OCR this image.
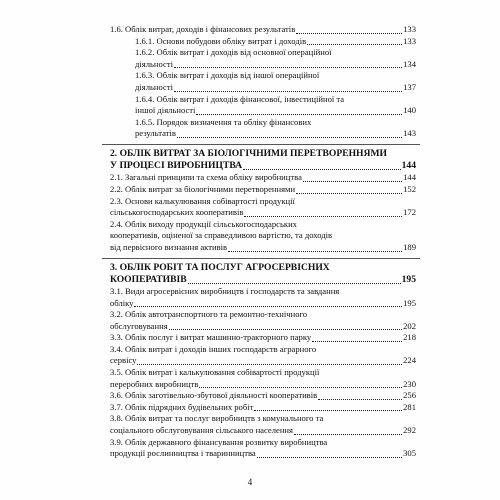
1.6. Облік витрат, доходів і фінансових результатів	133
1.6.1. Основи побудови обліку витрат і доходів	133
1.6.2. Облік витрат і доходів від основної операційної
діяльності	134
1.6.3. Облік витрат і доходів від іншої операційної
діяльності	137
1.6.4. Облік витрат і доходів фінансової, інвестиційної та
іншої діяльності	140
1.6.5. Порядок визначення та обліку фінансових
результатів	143
2. ОБЛІК ВИТРАТ ЗА БІОЛОГІЧНИМИ ПЕРЕТВОРЕННЯМИ
У ПРОЦЕСІ ВИРОБНИЦТВА	144
2.1. Загальні принципи та схема обліку виробництва	144
2.2. Облік витрат за біологічними перетвореннями	152
2.3. Основи калькулювання собівартості продукції
сільськогосподарських кооперативів	172
2.4. Облік виходу продукції сільськогосподарських
кооперативів, оціненої за справедливою вартістю, та доходів
від первісного визнання активів	189
3. ОБЛІК РОБІТ ТА ПОСЛУГ АГРОСЕРВІСНИХ
КООПЕРАТИВІВ	195
3.1. Види агросервісних виробництв і господарств та завдання
обліку	195
3.2. Облік автотранспортного та ремонтно-технічного
обслуговування	202
3.3. Облік послуг і витрат машинно-тракторного парку	218
3.4. Облік витрат і доходів інших господарств аграрного
сервісу	224
3.5. Облік витрат і калькулювання собівартості продукції
переробних виробництв	230
3.6. Облік заготівельно-збутової діяльності кооперативів	256
3.7. Облік підрядних будівельних робіт	281
3.8. Облік витрат та послуг виробництв з комунального та
соціального обслуговування сільського населення	292
3.9. Облік державного фінансування розвитку виробництва
продукції рослинництва і тваринництва	305
4
